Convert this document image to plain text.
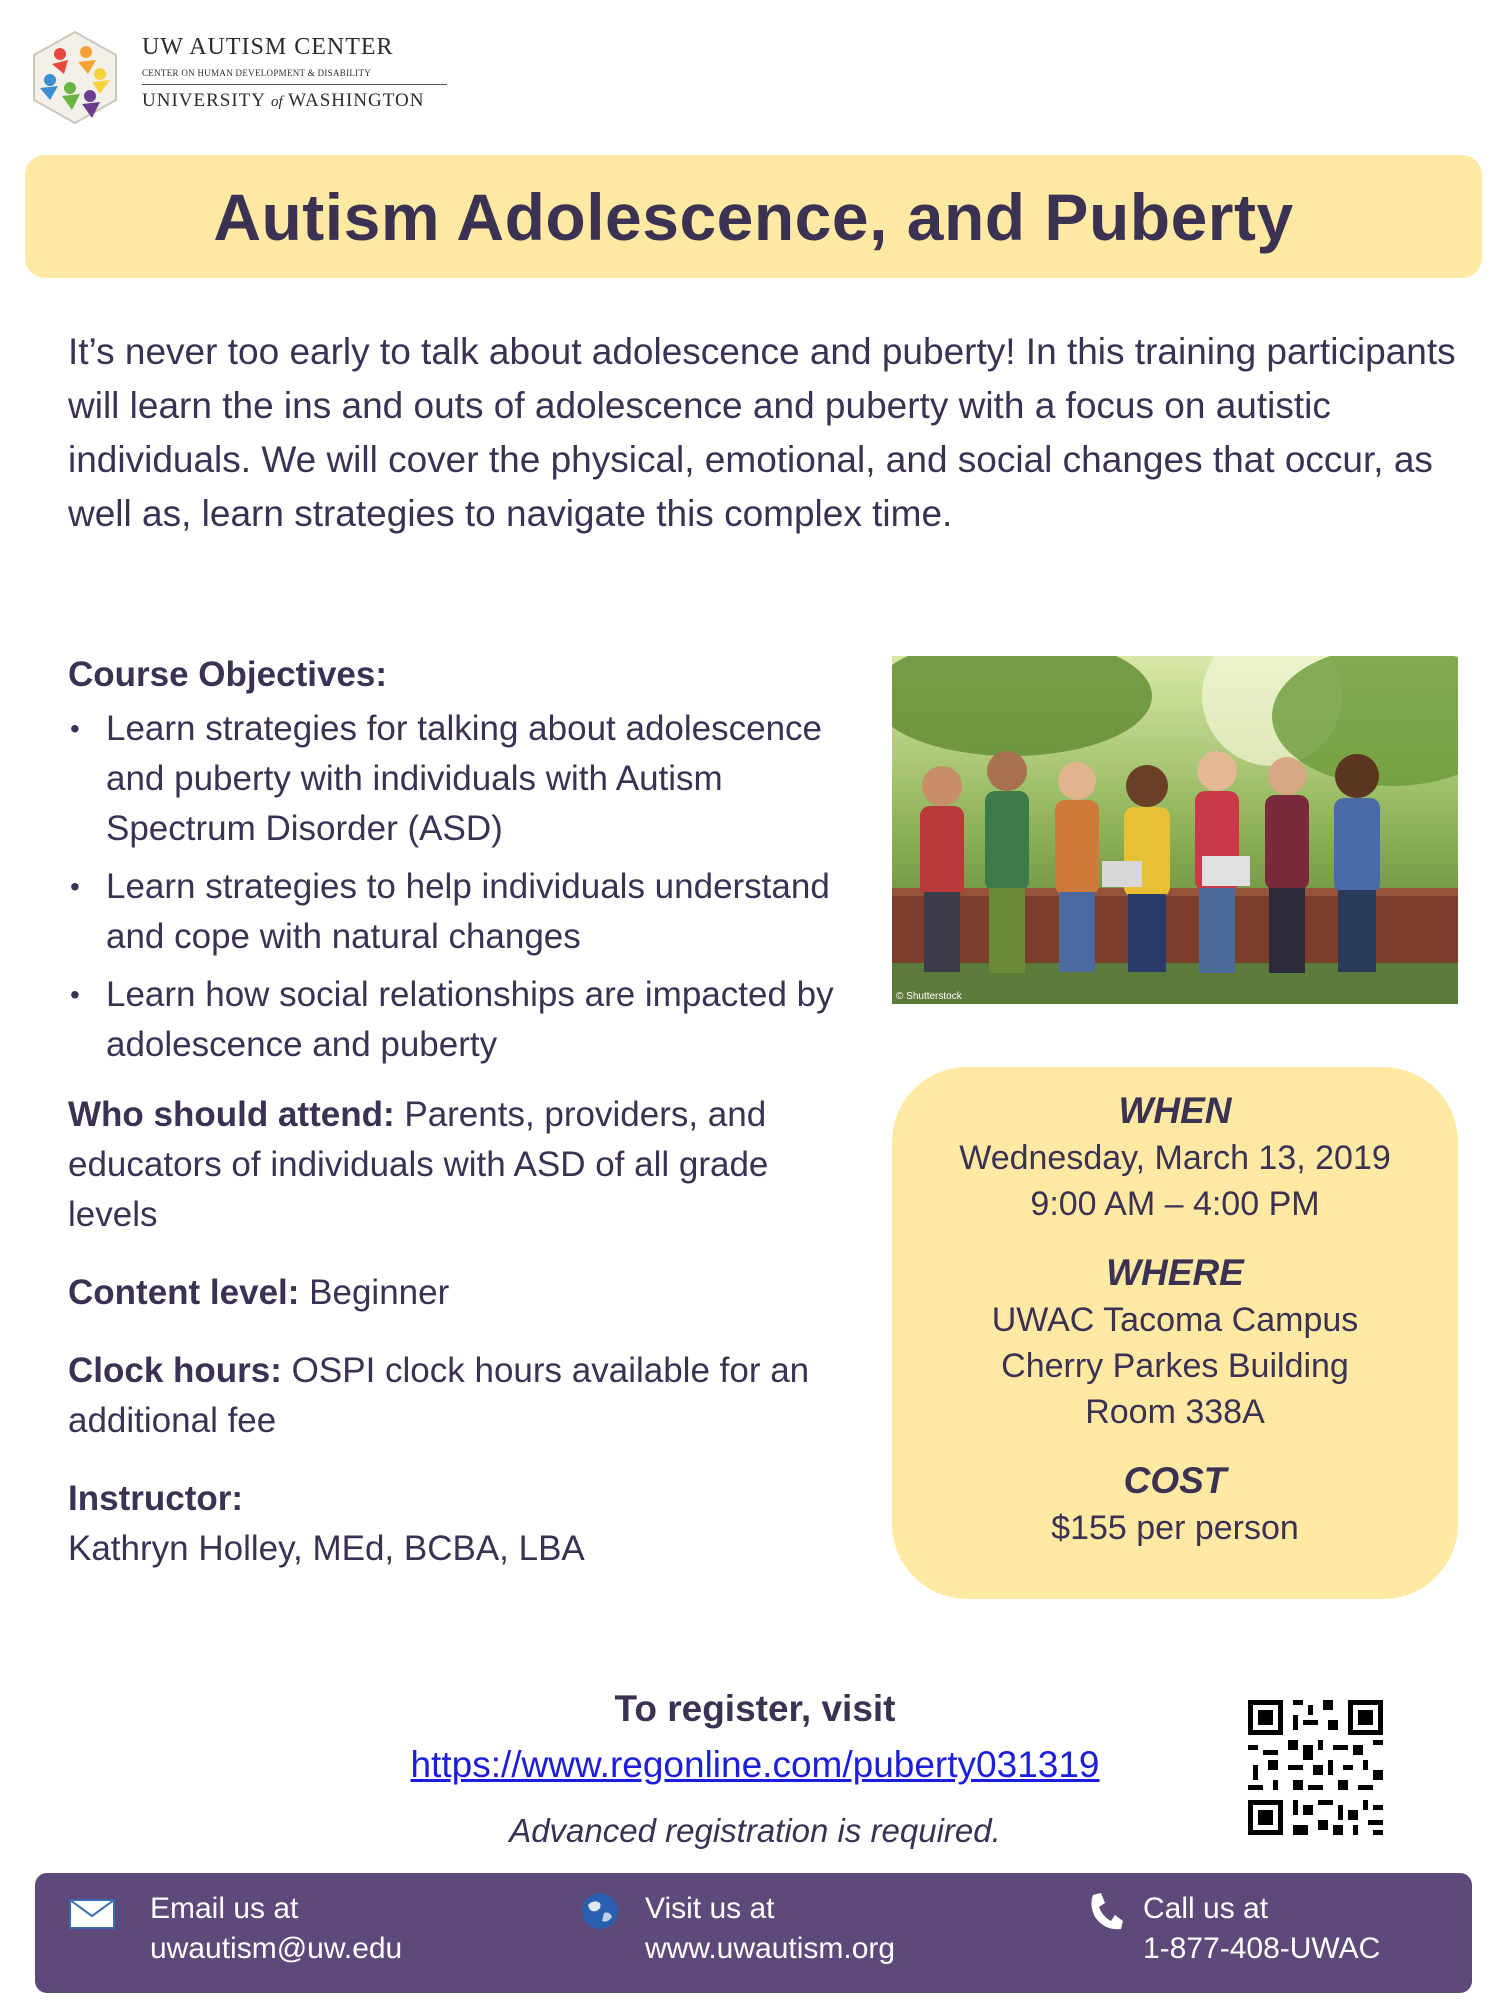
UW AUTISM CENTER
CENTER ON HUMAN DEVELOPMENT & DISABILITY
UNIVERSITY of WASHINGTON
Autism Adolescence, and Puberty

It’s never too early to talk about adolescence and puberty! In this training participants will learn the ins and outs of adolescence and puberty with a focus on autistic individuals. We will cover the physical, emotional, and social changes that occur, as well as, learn strategies to navigate this complex time.

Course Objectives:
• Learn strategies for talking about adolescence and puberty with individuals with Autism Spectrum Disorder (ASD)
• Learn strategies to help individuals understand and cope with natural changes
• Learn how social relationships are impacted by adolescence and puberty
Who should attend: Parents, providers, and educators of individuals with ASD of all grade levels
Content level: Beginner
Clock hours: OSPI clock hours available for an additional fee
Instructor:
Kathryn Holley, MEd, BCBA, LBA
© Shutterstock
WHEN
Wednesday, March 13, 2019
9:00 AM – 4:00 PM
WHERE
UWAC Tacoma Campus
Cherry Parkes Building
Room 338A
COST
$155 per person
To register, visit
https://www.regonline.com/puberty031319
Advanced registration is required.
Email us at
uwautism@uw.edu
Visit us at
www.uwautism.org
Call us at
1-877-408-UWAC
